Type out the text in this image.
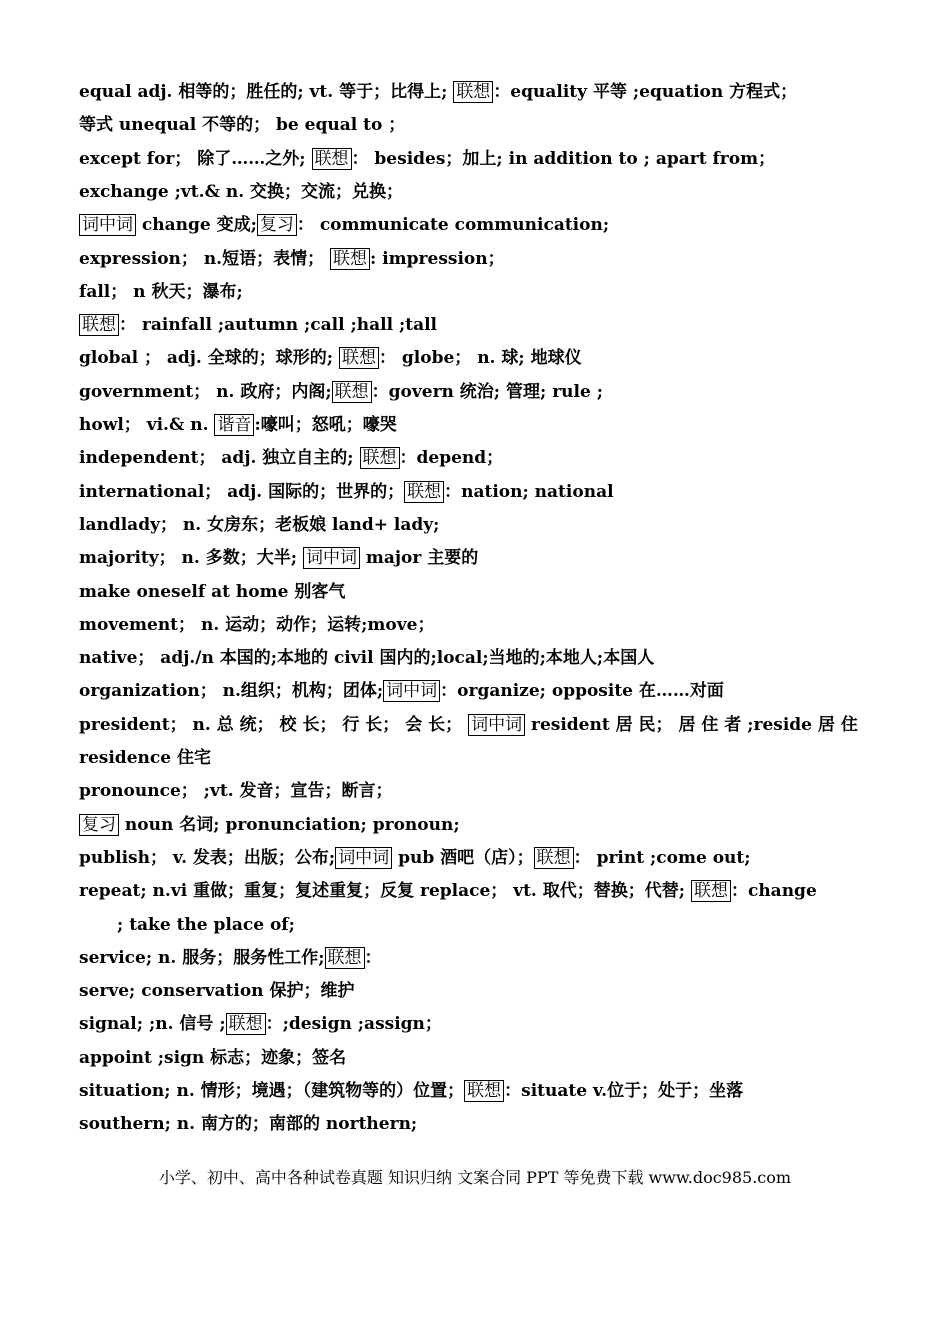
equal adj. 相等的；胜任的; vt. 等于；比得上; 联想 ：equality 平等 ;equation 方程式；
等式 unequal 不等的； be equal to ；
except for； 除了……之外; 联想 ： besides；加上; in addition to ; apart from；
exchange ;vt.& n. 交换；交流；兑换；
词中词 change 变成; 复习 ： communicate communication;
expression； n.短语；表情； 联想 : impression；
fall； n 秋天；瀑布;
联想 ： rainfall ;autumn ;call ;hall ;tall
global ； adj. 全球的；球形的; 联想 ： globe； n. 球; 地球仪
government； n. 政府；内阁; 联想 ：govern 统治; 管理; rule ;
howl； vi.& n. 谐音 :嚎叫；怒吼；嚎哭
independent； adj. 独立自主的; 联想 ：depend；
international； adj. 国际的；世界的； 联想 ：nation; national
landlady； n. 女房东；老板娘 land+ lady;
majority； n. 多数；大半; 词中词 major 主要的
make oneself at home 别客气
movement； n. 运动；动作；运转;move；
native； adj./n 本国的;本地的 civil 国内的;local;当地的;本地人;本国人
organization； n.组织；机构；团体; 词中词 ：organize; opposite 在……对面
president； n. 总 统； 校 长； 行 长； 会 长； 词中词 resident 居 民； 居 住 者 ;reside 居 住
residence 住宅
pronounce； ;vt. 发音；宣告；断言；
复习 noun 名词; pronunciation; pronoun;
publish； v. 发表；出版；公布; 词中词 pub 酒吧（店）； 联想 ： print ;come out;
repeat; n.vi 重做；重复；复述重复；反复 replace； vt. 取代；替换；代替; 联想 ：change
; take the place of;
service; n. 服务；服务性工作; 联想 ：
serve; conservation 保护；维护
signal; ;n. 信号 ; 联想 ：;design ;assign；
appoint ;sign 标志；迹象；签名
situation; n. 情形；境遇；（建筑物等的）位置； 联想 ：situate v.位于；处于；坐落
southern; n. 南方的；南部的 northern;
小学、初中、高中各种试卷真题 知识归纳 文案合同 PPT 等免费下载 www.doc985.com
